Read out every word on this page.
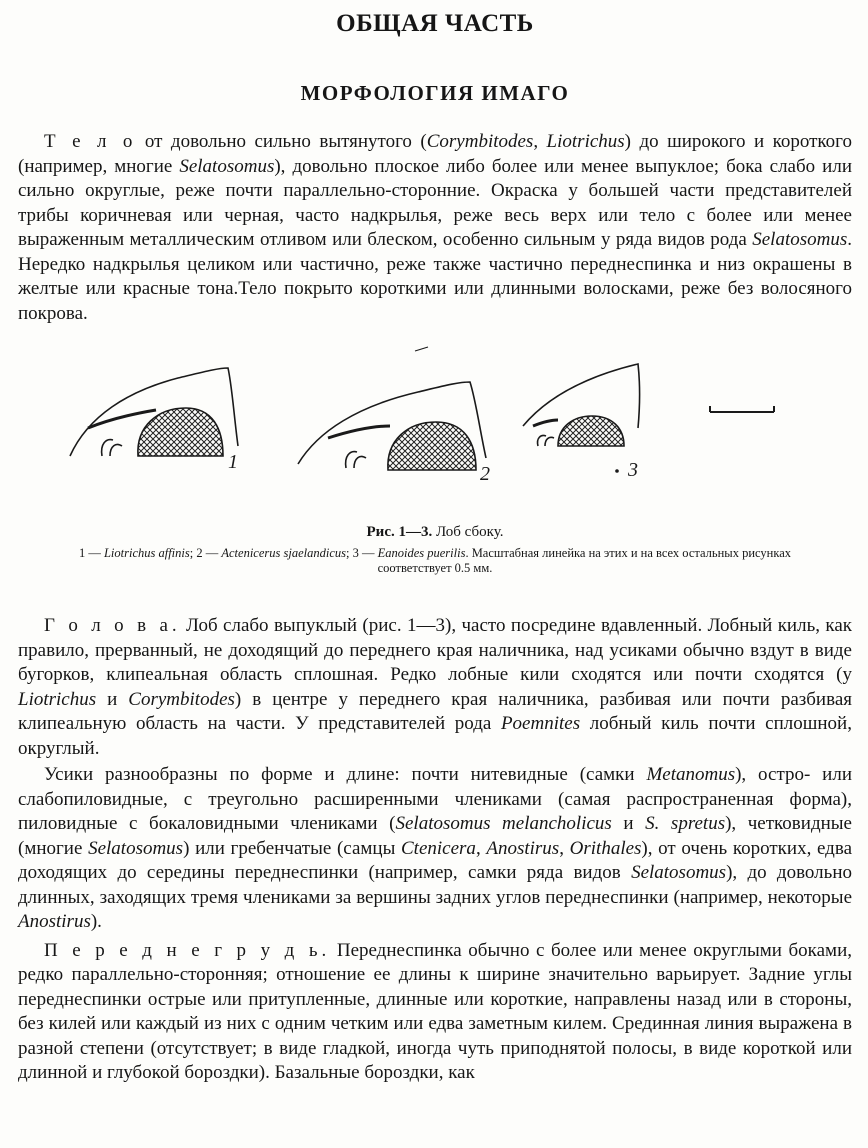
ОБЩАЯ ЧАСТЬ
МОРФОЛОГИЯ ИМАГО

Т е л о от довольно сильно вытянутого (Corymbitodes, Liotrichus) до широкого и короткого (например, многие Selatosomus), довольно плоское либо более или менее выпуклое; бока слабо или сильно округлые, реже почти параллельно-сторонние. Окраска у большей части представителей трибы коричневая или черная, часто надкрылья, реже весь верх или тело с более или менее выраженным металлическим отливом или блеском, особенно сильным у ряда видов рода Selatosomus. Нередко надкрылья целиком или частично, реже также частично переднеспинка и низ окрашены в желтые или красные тона.Тело покрыто короткими или длинными волосками, реже без волосяного покрова.

1
2	3
Рис. 1—3. Лоб сбоку.
1 — Liotrichus affinis; 2 — Actenicerus sjaelandicus; 3 — Eanoides puerilis. Масштабная линейка на этих и на всех остальных рисунках соответствует 0.5 мм.

Г о л о в а. Лоб слабо выпуклый (рис. 1—3), часто посредине вдавленный. Лобный киль, как правило, прерванный, не доходящий до переднего края наличника, над усиками обычно вздут в виде бугорков, клипеальная область сплошная. Редко лобные кили сходятся или почти сходятся (у Liotrichus и Corymbitodes) в центре у переднего края наличника, разбивая или почти разбивая клипеальную область на части. У представителей рода Poemnites лобный киль почти сплошной, округлый.

Усики разнообразны по форме и длине: почти нитевидные (самки Metanomus), остро- или слабопиловидные, с треугольно расширенными члениками (самая распространенная форма), пиловидные с бокаловидными члениками (Selatosomus melancholicus и S. spretus), четковидные (многие Selatosomus) или гребенчатые (самцы Ctenicera, Anostirus, Orithales), от очень коротких, едва доходящих до середины переднеспинки (например, самки ряда видов Selatosomus), до довольно длинных, заходящих тремя члениками за вершины задних углов переднеспинки (например, некоторые Anostirus).

П е р е д н е г р у д ь. Переднеспинка обычно с более или менее округлыми боками, редко параллельно-сторонняя; отношение ее длины к ширине значительно варьирует. Задние углы переднеспинки острые или притупленные, длинные или короткие, направлены назад или в стороны, без килей или каждый из них с одним четким или едва заметным килем. Срединная линия выражена в разной степени (отсутствует; в виде гладкой, иногда чуть приподнятой полосы, в виде короткой или длинной и глубокой бороздки). Базальные бороздки, как
